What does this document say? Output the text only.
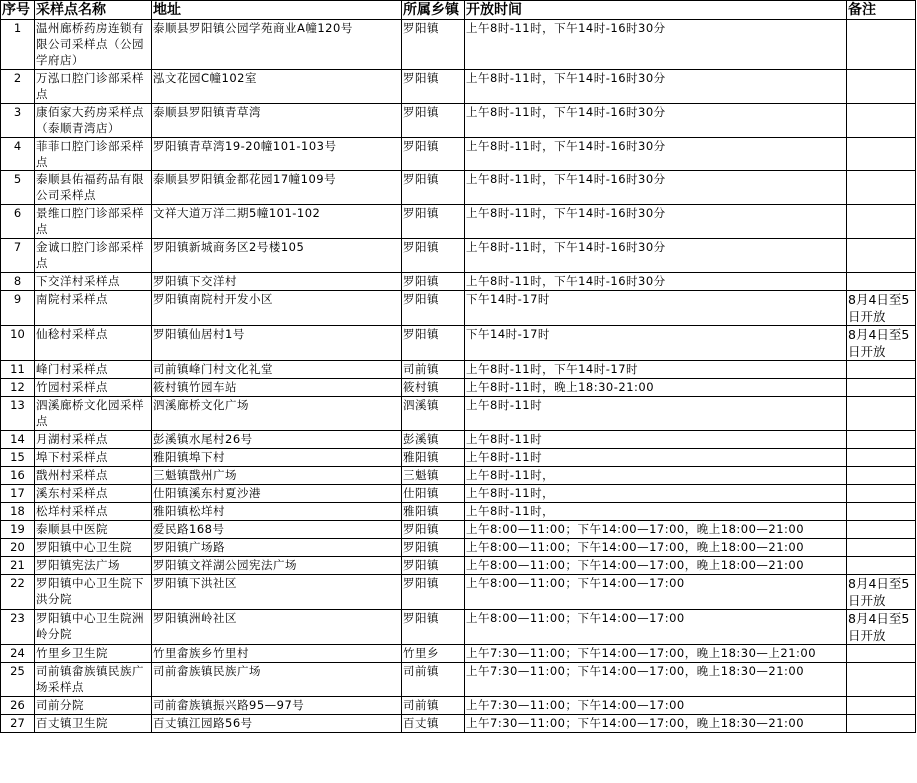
序号	采样点名称	地址	所属乡镇	开放时间	备注
1	温州廊桥药房连锁有限公司采样点（公园学府店）	泰顺县罗阳镇公园学苑商业A幢120号	罗阳镇	上午8时-11时，下午14时-16时30分	
2	万泓口腔门诊部采样点	泓文花园C幢102室	罗阳镇	上午8时-11时，下午14时-16时30分	
3	康佰家大药房采样点（泰顺青湾店）	泰顺县罗阳镇青草湾	罗阳镇	上午8时-11时，下午14时-16时30分	
4	菲菲口腔门诊部采样点	罗阳镇青草湾19-20幢101-103号	罗阳镇	上午8时-11时，下午14时-16时30分	
5	泰顺县佑福药品有限公司采样点	泰顺县罗阳镇金都花园17幢109号	罗阳镇	上午8时-11时，下午14时-16时30分	
6	景维口腔门诊部采样点	文祥大道万洋二期5幢101-102	罗阳镇	上午8时-11时，下午14时-16时30分	
7	金诚口腔门诊部采样点	罗阳镇新城商务区2号楼105	罗阳镇	上午8时-11时，下午14时-16时30分	
8	下交洋村采样点	罗阳镇下交洋村	罗阳镇	上午8时-11时，下午14时-16时30分	
9	南院村采样点	罗阳镇南院村开发小区	罗阳镇	下午14时-17时	8月4日至5日开放
10	仙稔村采样点	罗阳镇仙居村1号	罗阳镇	下午14时-17时	8月4日至5日开放
11	峰门村采样点	司前镇峰门村文化礼堂	司前镇	上午8时-11时，下午14时-17时	
12	竹园村采样点	筱村镇竹园车站	筱村镇	上午8时-11时，晚上18:30-21:00	
13	泗溪廊桥文化园采样点	泗溪廊桥文化广场	泗溪镇	上午8时-11时	
14	月湖村采样点	彭溪镇水尾村26号	彭溪镇	上午8时-11时	
15	埠下村采样点	雅阳镇埠下村	雅阳镇	上午8时-11时	
16	戬州村采样点	三魁镇戬州广场	三魁镇	上午8时-11时，	
17	溪东村采样点	仕阳镇溪东村夏沙港	仕阳镇	上午8时-11时，	
18	松垟村采样点	雅阳镇松垟村	雅阳镇	上午8时-11时，	
19	泰顺县中医院	爱民路168号	罗阳镇	上午8:00—11:00；下午14:00—17:00，晚上18:00—21:00	
20	罗阳镇中心卫生院	罗阳镇广场路	罗阳镇	上午8:00—11:00；下午14:00—17:00，晚上18:00—21:00	
21	罗阳镇宪法广场	罗阳镇文祥湖公园宪法广场	罗阳镇	上午8:00—11:00；下午14:00—17:00，晚上18:00—21:00	
22	罗阳镇中心卫生院下洪分院	罗阳镇下洪社区	罗阳镇	上午8:00—11:00；下午14:00—17:00	8月4日至5日开放
23	罗阳镇中心卫生院洲岭分院	罗阳镇洲岭社区	罗阳镇	上午8:00—11:00；下午14:00—17:00	8月4日至5日开放
24	竹里乡卫生院	竹里畲族乡竹里村	竹里乡	上午7:30—11:00；下午14:00—17:00，晚上18:30—上21:00	
25	司前镇畲族镇民族广场采样点	司前畲族镇民族广场	司前镇	上午7:30—11:00；下午14:00—17:00，晚上18:30—21:00	
26	司前分院	司前畲族镇振兴路95—97号	司前镇	上午7:30—11:00；下午14:00—17:00	
27	百丈镇卫生院	百丈镇江园路56号	百丈镇	上午7:30—11:00；下午14:00—17:00，晚上18:30—21:00	
